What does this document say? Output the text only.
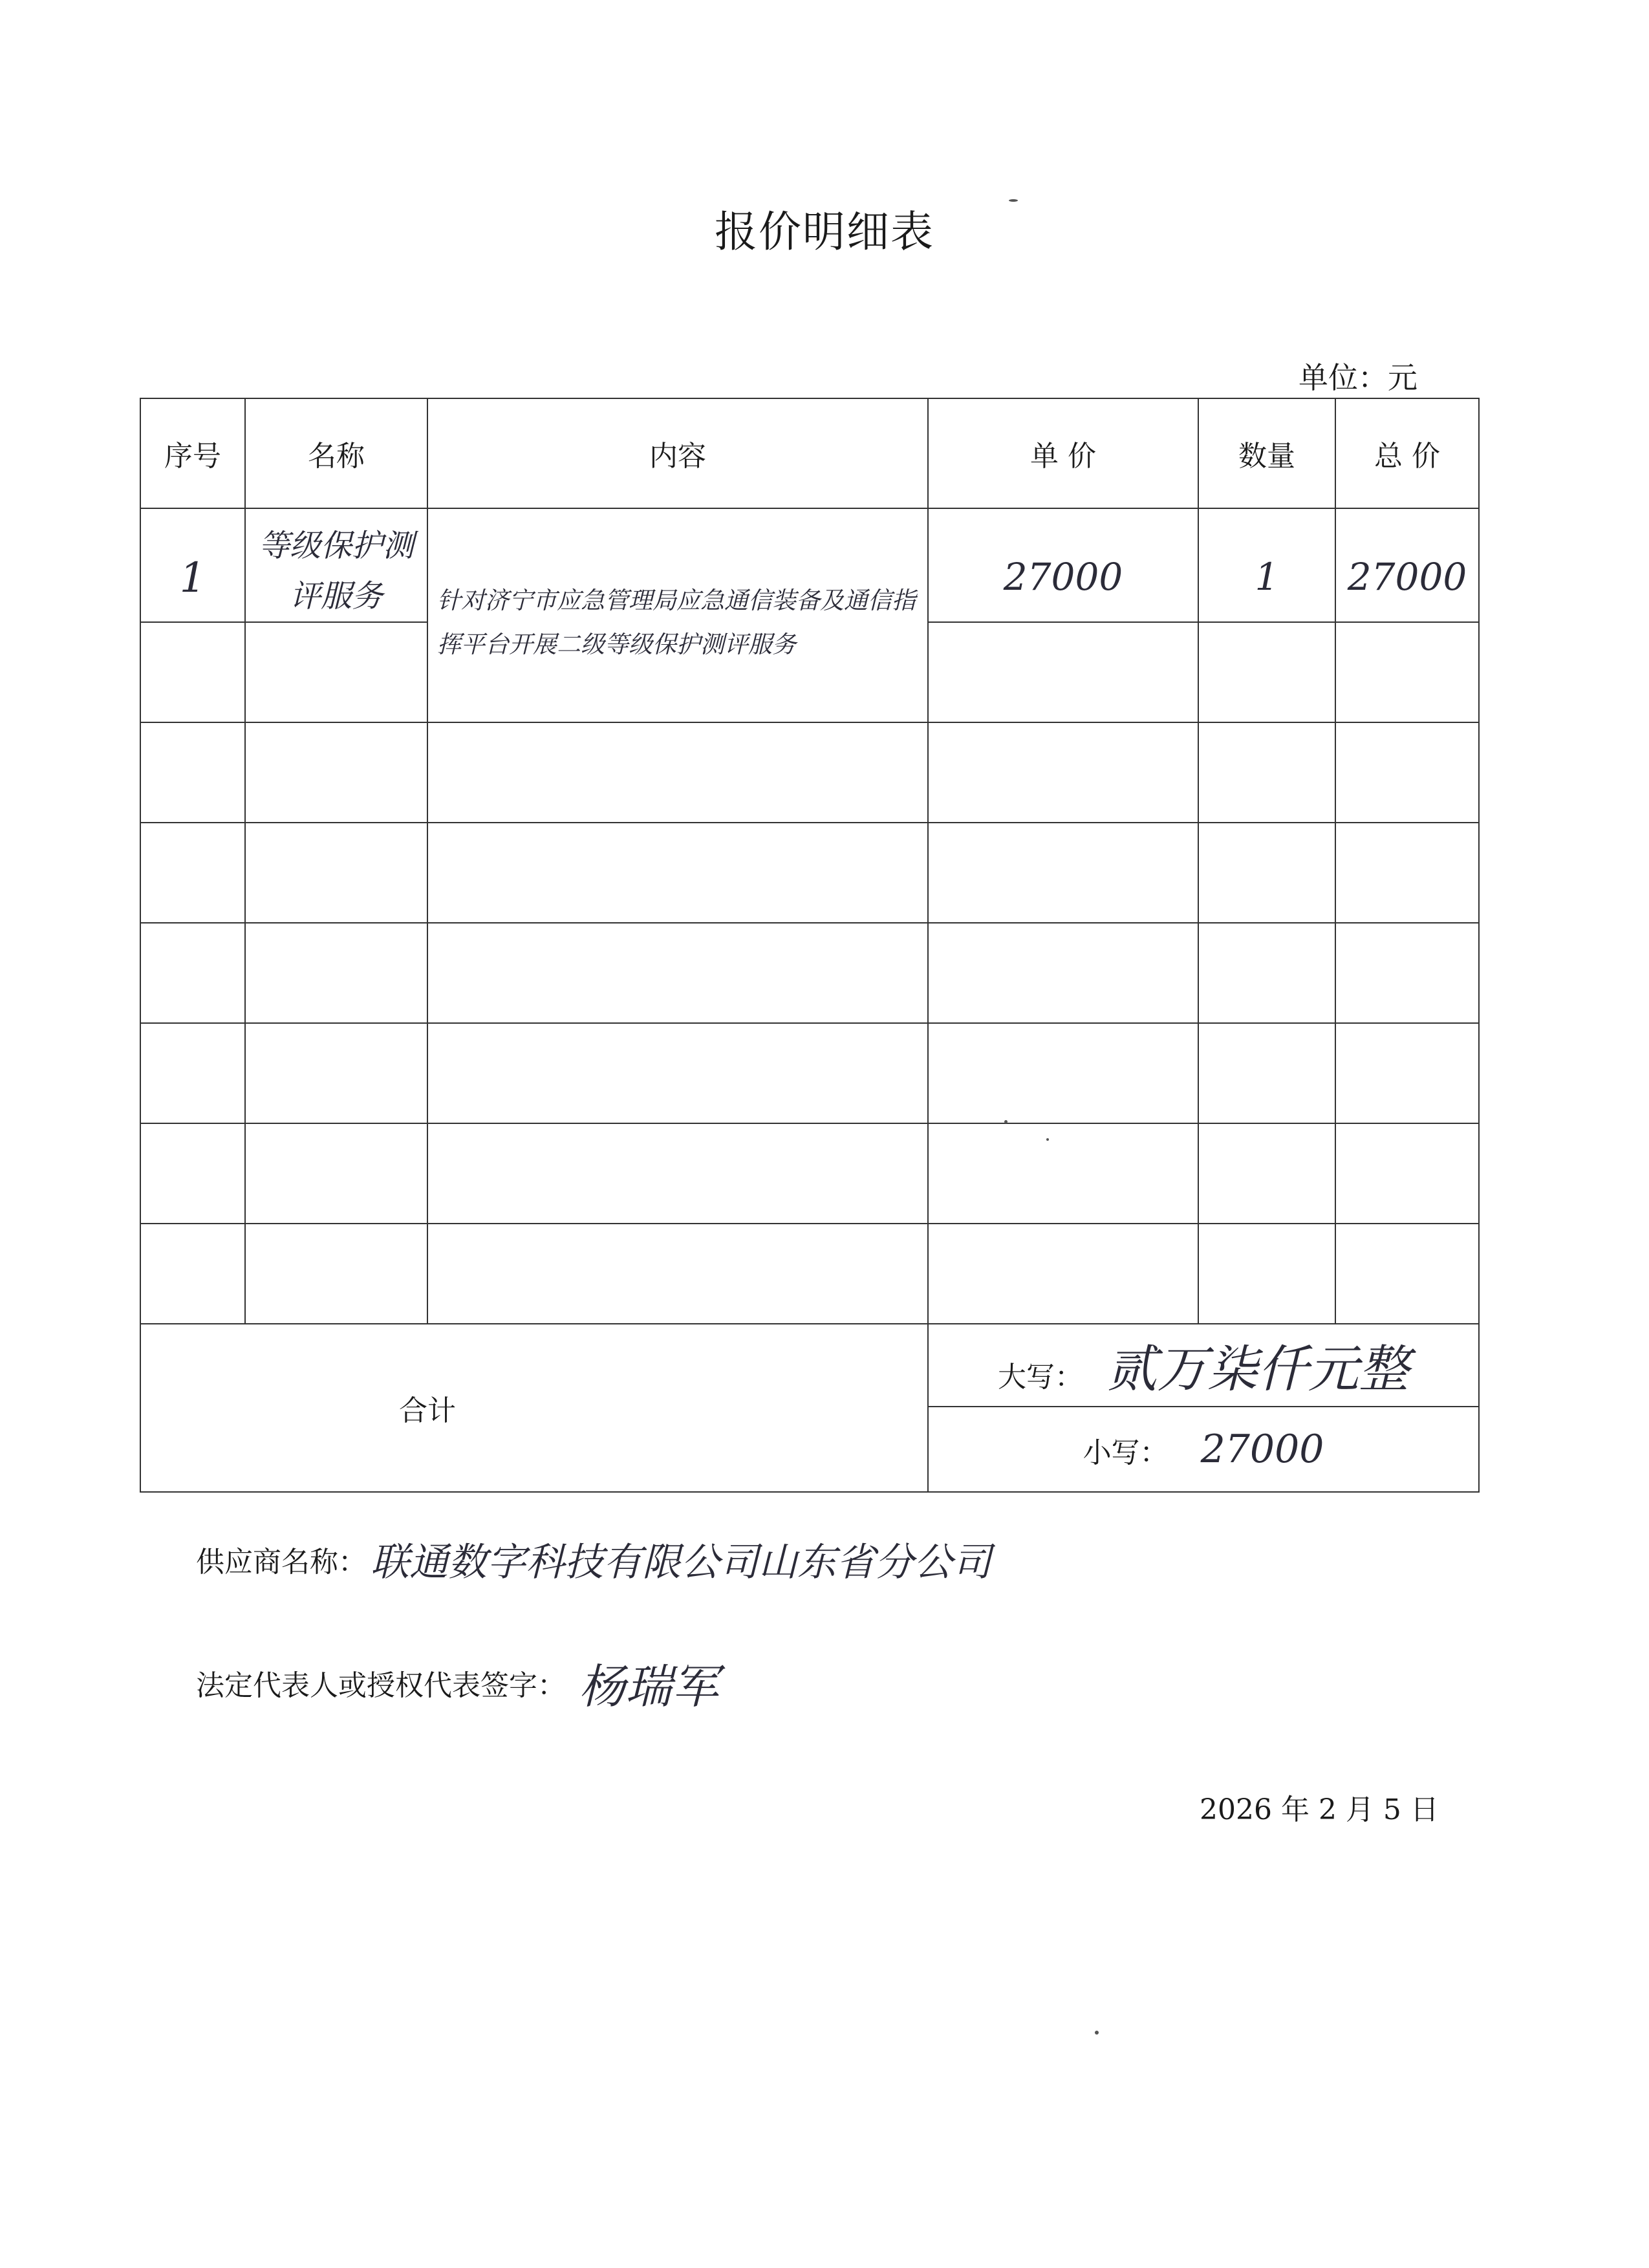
报价明细表
单位：元
序号	名称	内容	单 价	数量	总 价

1	等级保护测评服务	针对济宁市应急管理局应急通信装备及通信指挥平台开展二级等级保护测评服务	27000	1	27000

合计			大写： 贰万柒仟元整		
			小写： 27000		
供应商名称： 联通数字科技有限公司山东省分公司
法定代表人或授权代表签字： 杨瑞军
2026 年 2 月 5 日
